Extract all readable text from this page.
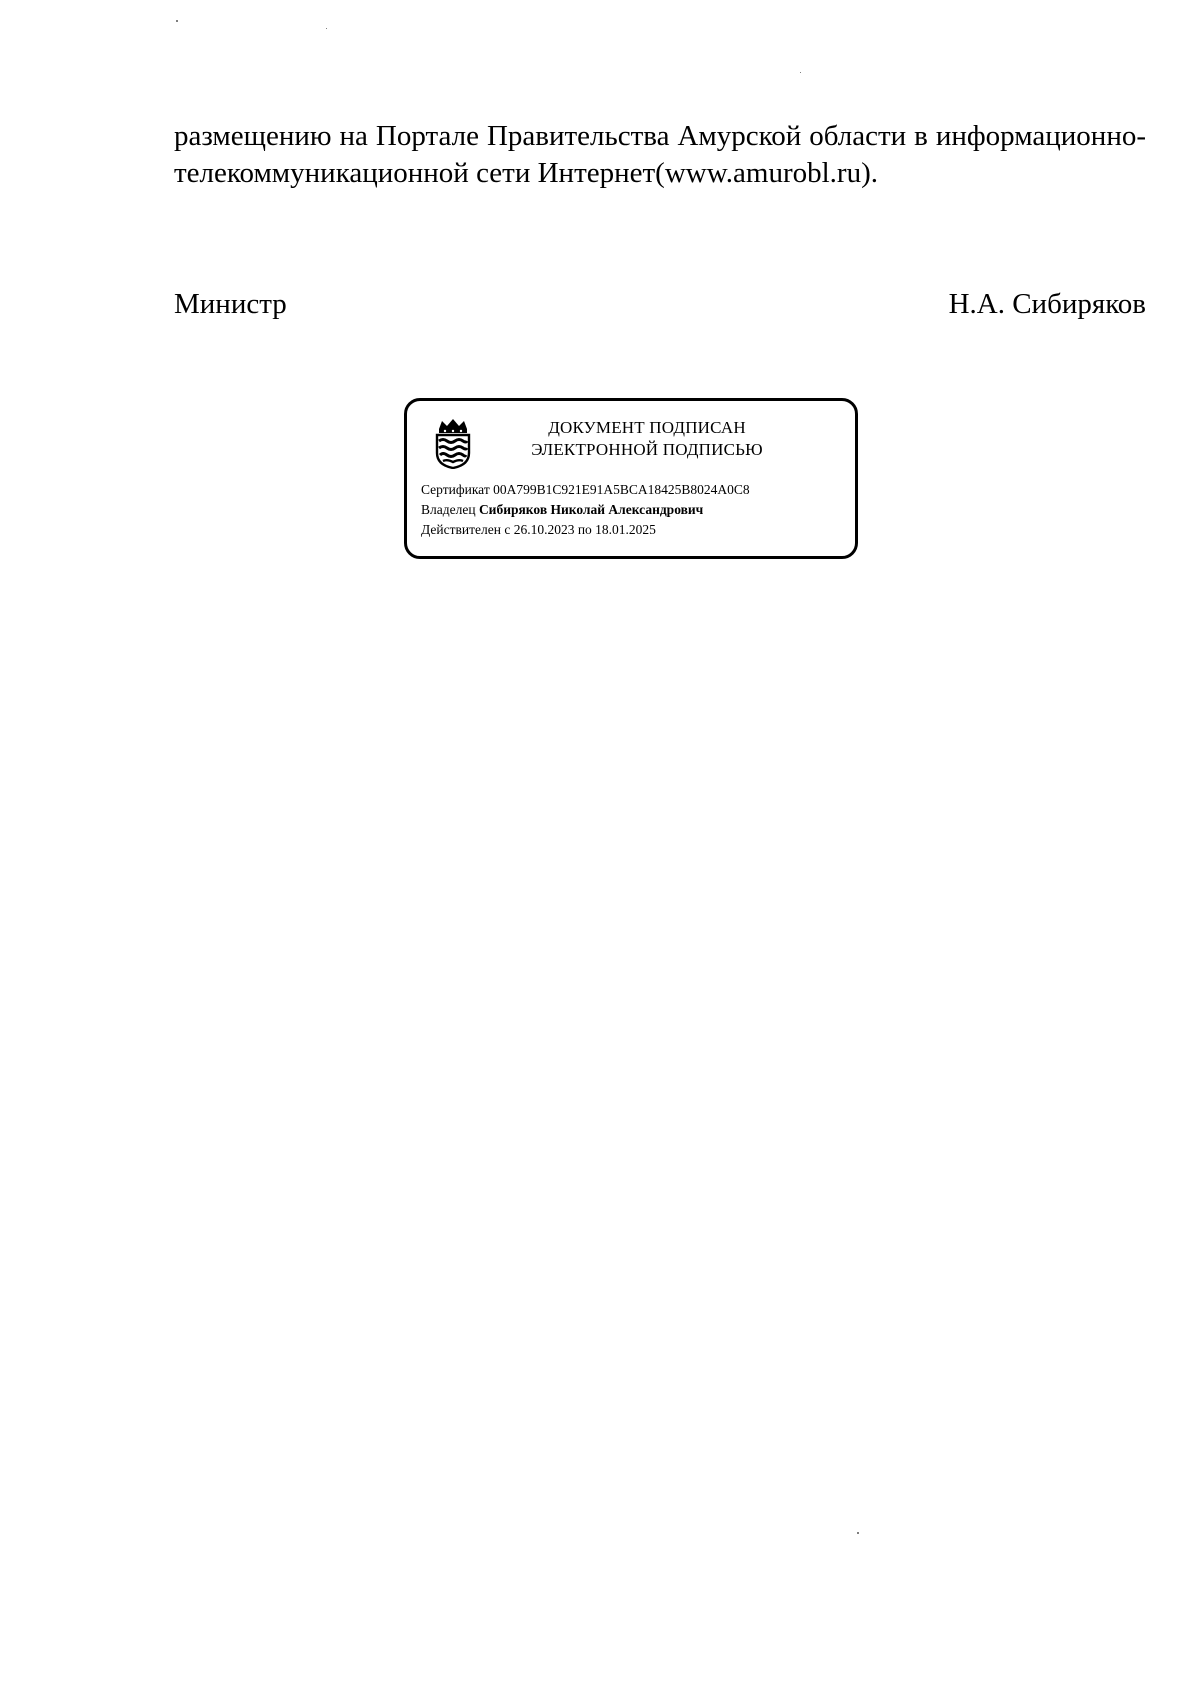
размещению на Порталe Правительства Амурской области в информационно-
телекоммуникационной сети Интернет(www.amurobl.ru).

Министр	Н.А. Сибиряков
ДОКУМЕНТ ПОДПИСАН
ЭЛЕКТРОННОЙ ПОДПИСЬЮ
Сертификат 00A799B1C921E91A5BCA18425B8024A0C8
Владелец Сибиряков Николай Александрович
Действителен с 26.10.2023 по 18.01.2025
